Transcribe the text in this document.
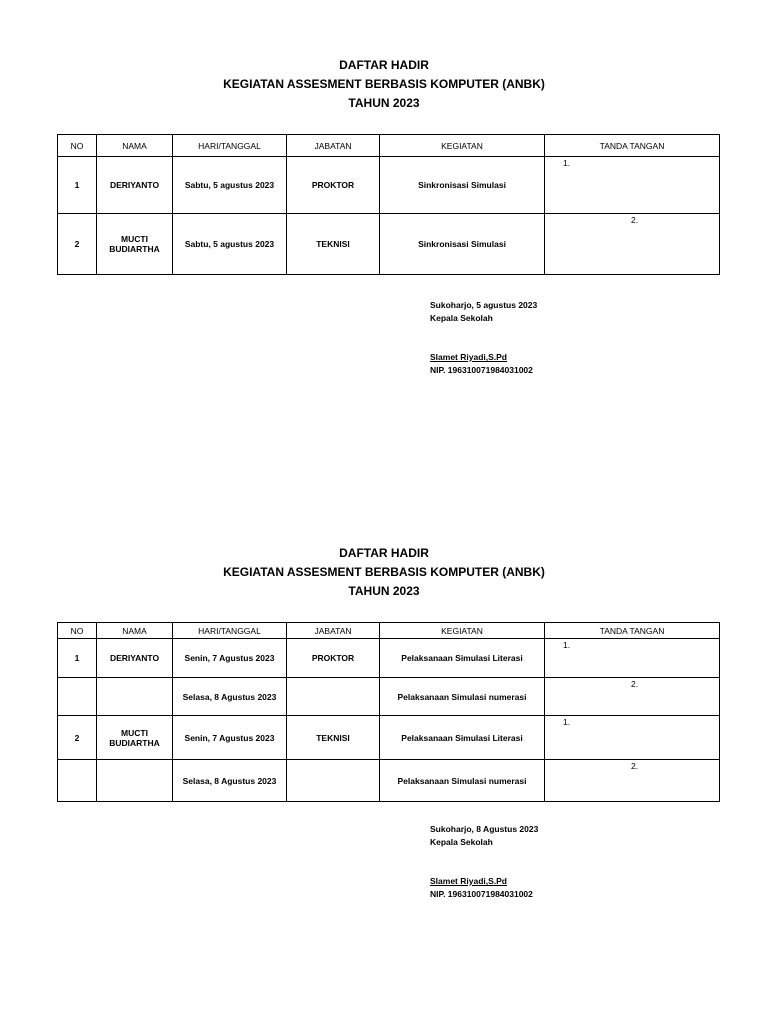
DAFTAR HADIR
KEGIATAN ASSESMENT BERBASIS KOMPUTER (ANBK)
TAHUN 2023
NO	NAMA	HARI/TANGGAL	JABATAN	KEGIATAN	TANDA TANGAN
1	DERIYANTO	Sabtu, 5 agustus 2023	PROKTOR	Sinkronisasi Simulasi	1.

2	MUCTI BUDIARTHA	Sabtu, 5 agustus 2023	TEKNISI	Sinkronisasi Simulasi	2.
Sukoharjo, 5 agustus 2023
Kepala Sekolah
Slamet Riyadi,S.Pd
NIP. 196310071984031002
DAFTAR HADIR
KEGIATAN ASSESMENT BERBASIS KOMPUTER (ANBK)
TAHUN 2023
NO	NAMA	HARI/TANGGAL	JABATAN	KEGIATAN	TANDA TANGAN
1	DERIYANTO	Senin, 7 Agustus 2023	PROKTOR	Pelaksanaan Simulasi Literasi	1.

		Selasa, 8 Agustus 2023		Pelaksanaan Simulasi numerasi	2.

2	MUCTI BUDIARTHA	Senin, 7 Agustus 2023	TEKNISI	Pelaksanaan Simulasi Literasi	1.

		Selasa, 8 Agustus 2023		Pelaksanaan Simulasi numerasi	2.
Sukoharjo, 8 Agustus 2023
Kepala Sekolah
Slamet Riyadi,S.Pd
NIP. 196310071984031002
